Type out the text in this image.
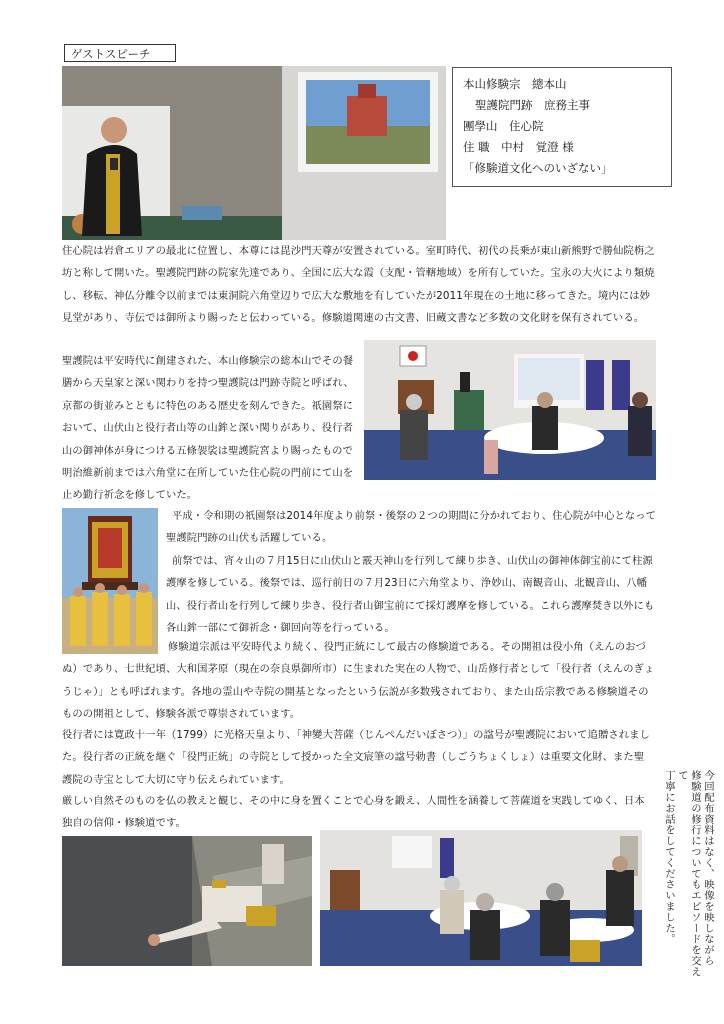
ゲストスピーチ
本山修験宗　總本山
聖護院門跡　庶務主事
團學山　住心院
住 職　中村　覚澄 様
「修験道文化へのいざない」

住心院は岩倉エリアの最北に位置し、本尊には毘沙門天尊が安置されている。室町時代、初代の長乗が東山新熊野で勝仙院栴之坊と称して開いた。聖護院門跡の院家先達であり、全国に広大な霞（支配・管轄地域）を所有していた。宝永の大火により類焼し、移転、神仏分離令以前までは東洞院六角堂辺りで広大な敷地を有していたが2011年現在の土地に移ってきた。境内には妙見堂があり、寺伝では御所より賜ったと伝わっている。修験道関連の古文書、旧蔵文書など多数の文化財を保有されている。

聖護院は平安時代に創建された、本山修験宗の総本山でその餐膳から天皇家と深い関わりを持つ聖護院は門跡寺院と呼ばれ、京都の街並みとともに特色のある歴史を刻んできた。祇園祭において、山伏山と役行者山等の山鉾と深い関りがあり、役行者山の御神体が身につける五條袈裟は聖護院宮より賜ったもので明治維新前までは六角堂に在所していた住心院の門前にて山を止め勤行祈念を修していた。

平成・令和期の祇園祭は2014年度より前祭・後祭の２つの期間に分かれており、住心院が中心となって聖護院門跡の山伏も活躍している。

前祭では、宵々山の７月15日に山伏山と霰天神山を行列して練り歩き、山伏山の御神体御宝前にて柱源護摩を修している。後祭では、巡行前日の７月23日に六角堂より、浄妙山、南観音山、北観音山、八幡山、役行者山を行列して練り歩き、役行者山御宝前にて採灯護摩を修している。これら護摩焚き以外にも各山鉾一部にて御祈念・御回向等を行っている。

修験道宗派は平安時代より続く、役門正統にして最古の修験道である。その開祖は役小角（えんのおづぬ）であり、七世紀頃、大和国茅原（現在の奈良県御所市）に生まれた実在の人物で、山岳修行者として「役行者（えんのぎょうじゃ）」とも呼ばれます。各地の霊山や寺院の開基となったという伝説が多数残されており、また山岳宗教である修験道そのものの開祖として、修験各派で尊崇されています。

役行者には寛政十一年（1799）に光格天皇より、「神變大菩薩（じんぺんだいぼさつ）」の諡号が聖護院において追贈されました。役行者の正統を継ぐ「役門正統」の寺院として授かった全文宸筆の諡号勅書（しごうちょくしょ）は重要文化財、また聖護院の寺宝として大切に守り伝えられています。

厳しい自然そのものを仏の教えと観じ、その中に身を置くことで心身を鍛え、人間性を涵養して菩薩道を実践してゆく、日本独自の信仰・修験道です。	今回配布資料はなく、映像を映しながら
修験道の修行についてもエピソードを交えて
丁寧にお話をしてくださいました。
